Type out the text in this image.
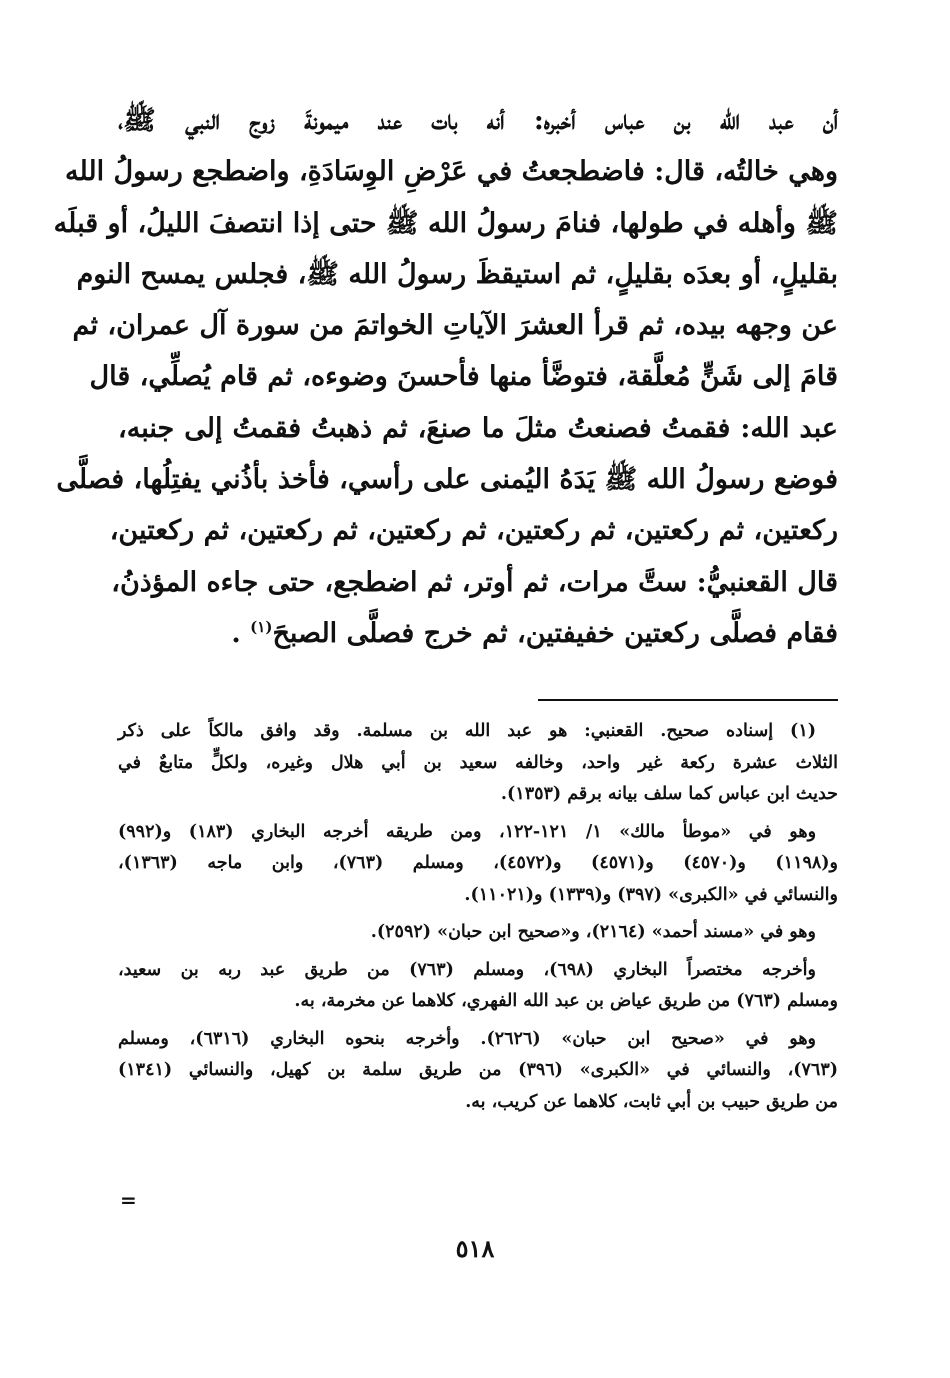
أن عبد الله بن عباس أخبره: أنه بات عند ميمونةَ زوج النبي ﷺ،
وهي خالتُه، قال: فاضطجعتُ في عَرْضِ الوِسَادَةِ، واضطجع رسولُ الله
ﷺ وأهله في طولها، فنامَ رسولُ الله ﷺ حتى إذا انتصفَ الليلُ، أو قبلَه
بقليلٍ، أو بعدَه بقليلٍ، ثم استيقظَ رسولُ الله ﷺ، فجلس يمسح النوم
عن وجهه بيده، ثم قرأ العشرَ الآياتِ الخواتمَ من سورة آل عمران، ثم
قامَ إلى شَنٍّ مُعلَّقة، فتوضَّأ منها فأحسنَ وضوءه، ثم قام يُصلِّي، قال
عبد الله: فقمتُ فصنعتُ مثلَ ما صنعَ، ثم ذهبتُ فقمتُ إلى جنبه،
فوضع رسولُ الله ﷺ يَدَهُ اليُمنى على رأسي، فأخذ بأذُني يفتِلُها، فصلَّى
ركعتين، ثم ركعتين، ثم ركعتين، ثم ركعتين، ثم ركعتين، ثم ركعتين،
قال القعنبيُّ: ستَّ مرات، ثم أوتر، ثم اضطجع، حتى جاءه المؤذنُ،
فقام فصلَّى ركعتين خفيفتين، ثم خرج فصلَّى الصبحَ$^{(١)}$ .
(١) إسناده صحيح. القعنبي: هو عبد الله بن مسلمة. وقد وافق مالكاً على ذكر
الثلاث عشرة ركعة غير واحد، وخالفه سعيد بن أبي هلال وغيره، ولكلٍّ متابعٌ في
حديث ابن عباس كما سلف بيانه برقم (١٣٥٣).
وهو في «موطأ مالك» ١/ ١٢١-١٢٢، ومن طريقه أخرجه البخاري (١٨٣) و(٩٩٢)
و(١١٩٨) و(٤٥٧٠) و(٤٥٧١) و(٤٥٧٢)، ومسلم (٧٦٣)، وابن ماجه (١٣٦٣)،
والنسائي في «الكبرى» (٣٩٧) و(١٣٣٩) و(١١٠٢١).
وهو في «مسند أحمد» (٢١٦٤)، و«صحيح ابن حبان» (٢٥٩٢).
وأخرجه مختصراً البخاري (٦٩٨)، ومسلم (٧٦٣) من طريق عبد ربه بن سعيد،
ومسلم (٧٦٣) من طريق عياض بن عبد الله الفهري، كلاهما عن مخرمة، به.
وهو في «صحيح ابن حبان» (٢٦٢٦). وأخرجه بنحوه البخاري (٦٣١٦)، ومسلم
(٧٦٣)، والنسائي في «الكبرى» (٣٩٦) من طريق سلمة بن كهيل، والنسائي (١٣٤١)
من طريق حبيب بن أبي ثابت، كلاهما عن كريب، به.
=
٥١٨
